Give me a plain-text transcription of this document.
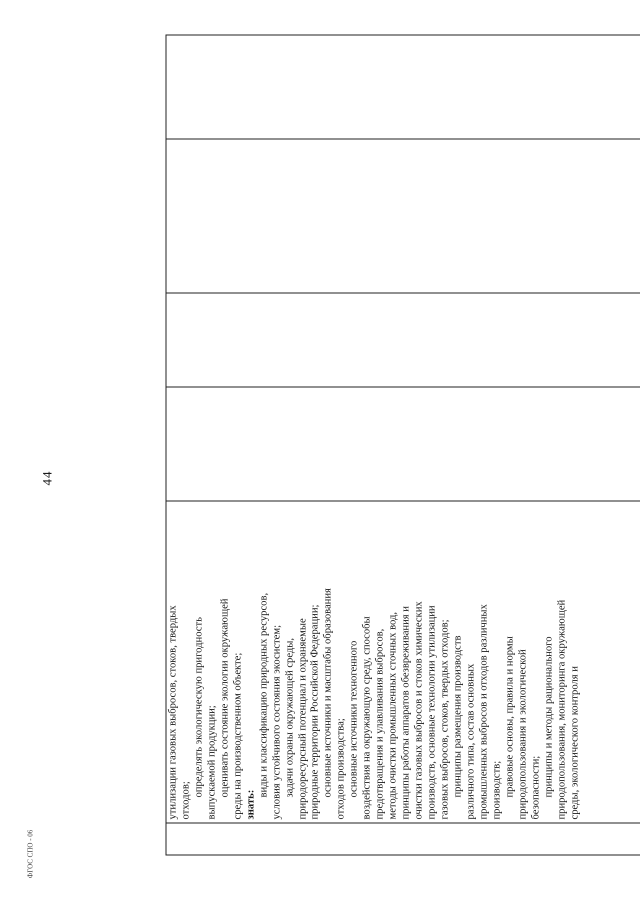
44

утилизации газовых выбросов, стоков, твердых отходов;
определять экологическую пригодность выпускаемой продукции; оценивать состояние экологии окружающей среды на производственном объекте; знать:
виды и классификацию природных ресурсов, условия устойчивого состояния экосистем; задачи охраны окружающей среды, природоресурсный потенциал и охраняемые природные территории Российской Федерации; основные источники и масштабы образования отходов производства; основные источники техногенного воздействия на окружающую среду, способы предотвращения и улавливания выбросов, методы очистки промышленных сточных вод, принципы работы аппаратов обезвреживания и очистки газовых выбросов и стоков химических производств, основные технологии утилизации газовых выбросов, стоков, твердых отходов; принципы размещения производств различного типа, состав основных промышленных выбросов и отходов различных производств; правовые основы, правила и нормы природопользования и экологической безопасности; принципы и методы рационального природопользования, мониторинга окружающей среды, экологического контроля и

ФГОС СПО - 06
